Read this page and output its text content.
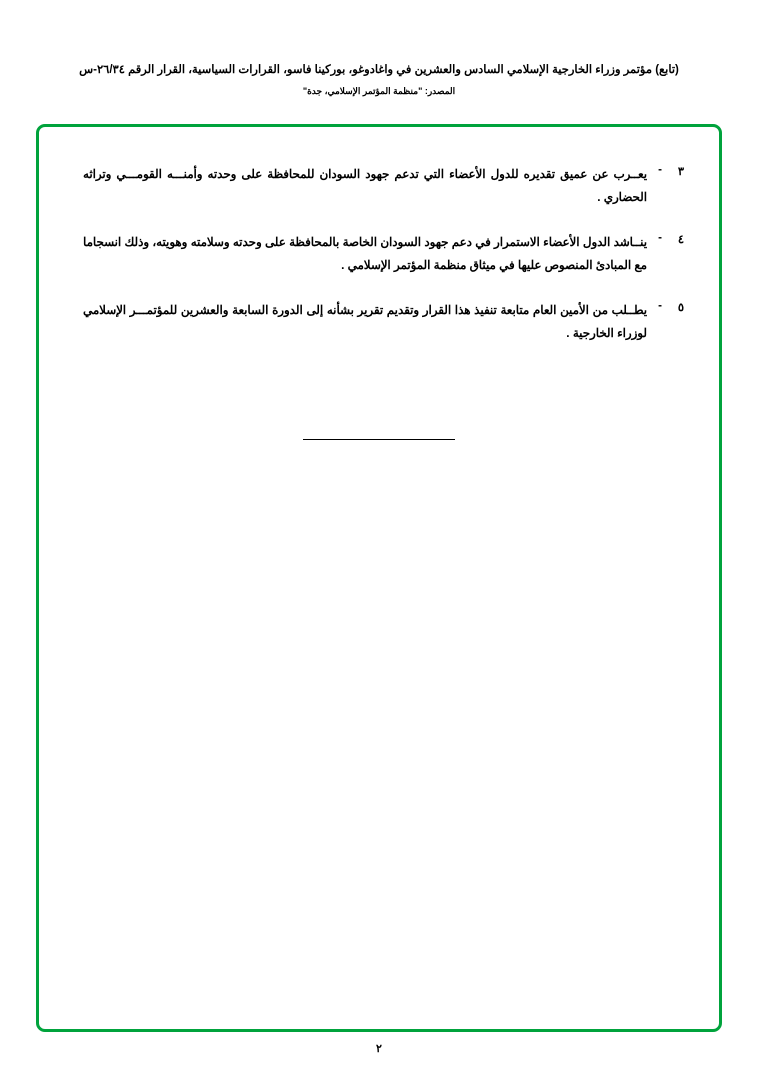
(تابع) مؤتمر وزراء الخارجية الإسلامي السادس والعشرين في واغادوغو، بوركينا فاسو، القرارات السياسية، القرار الرقم ٢٦/٣٤-س
المصدر: "منظمة المؤتمر الإسلامي، جدة"
٣
-
يعــرب عن عميق تقديره للدول الأعضاء التي تدعم جهود السودان للمحافظة على وحدته وأمنـــه القومـــي وتراثه الحضاري .
٤
-
ينــاشد الدول الأعضاء الاستمرار في دعم جهود السودان الخاصة بالمحافظة على وحدته وسلامته وهويته، وذلك انسجاما مع المبادئ المنصوص عليها في ميثاق منظمة المؤتمر الإسلامي .
٥
-
يطــلب من الأمين العام متابعة تنفيذ هذا القرار وتقديم تقرير بشأنه إلى الدورة السابعة والعشرين للمؤتمـــر الإسلامي لوزراء الخارجية .
٢
